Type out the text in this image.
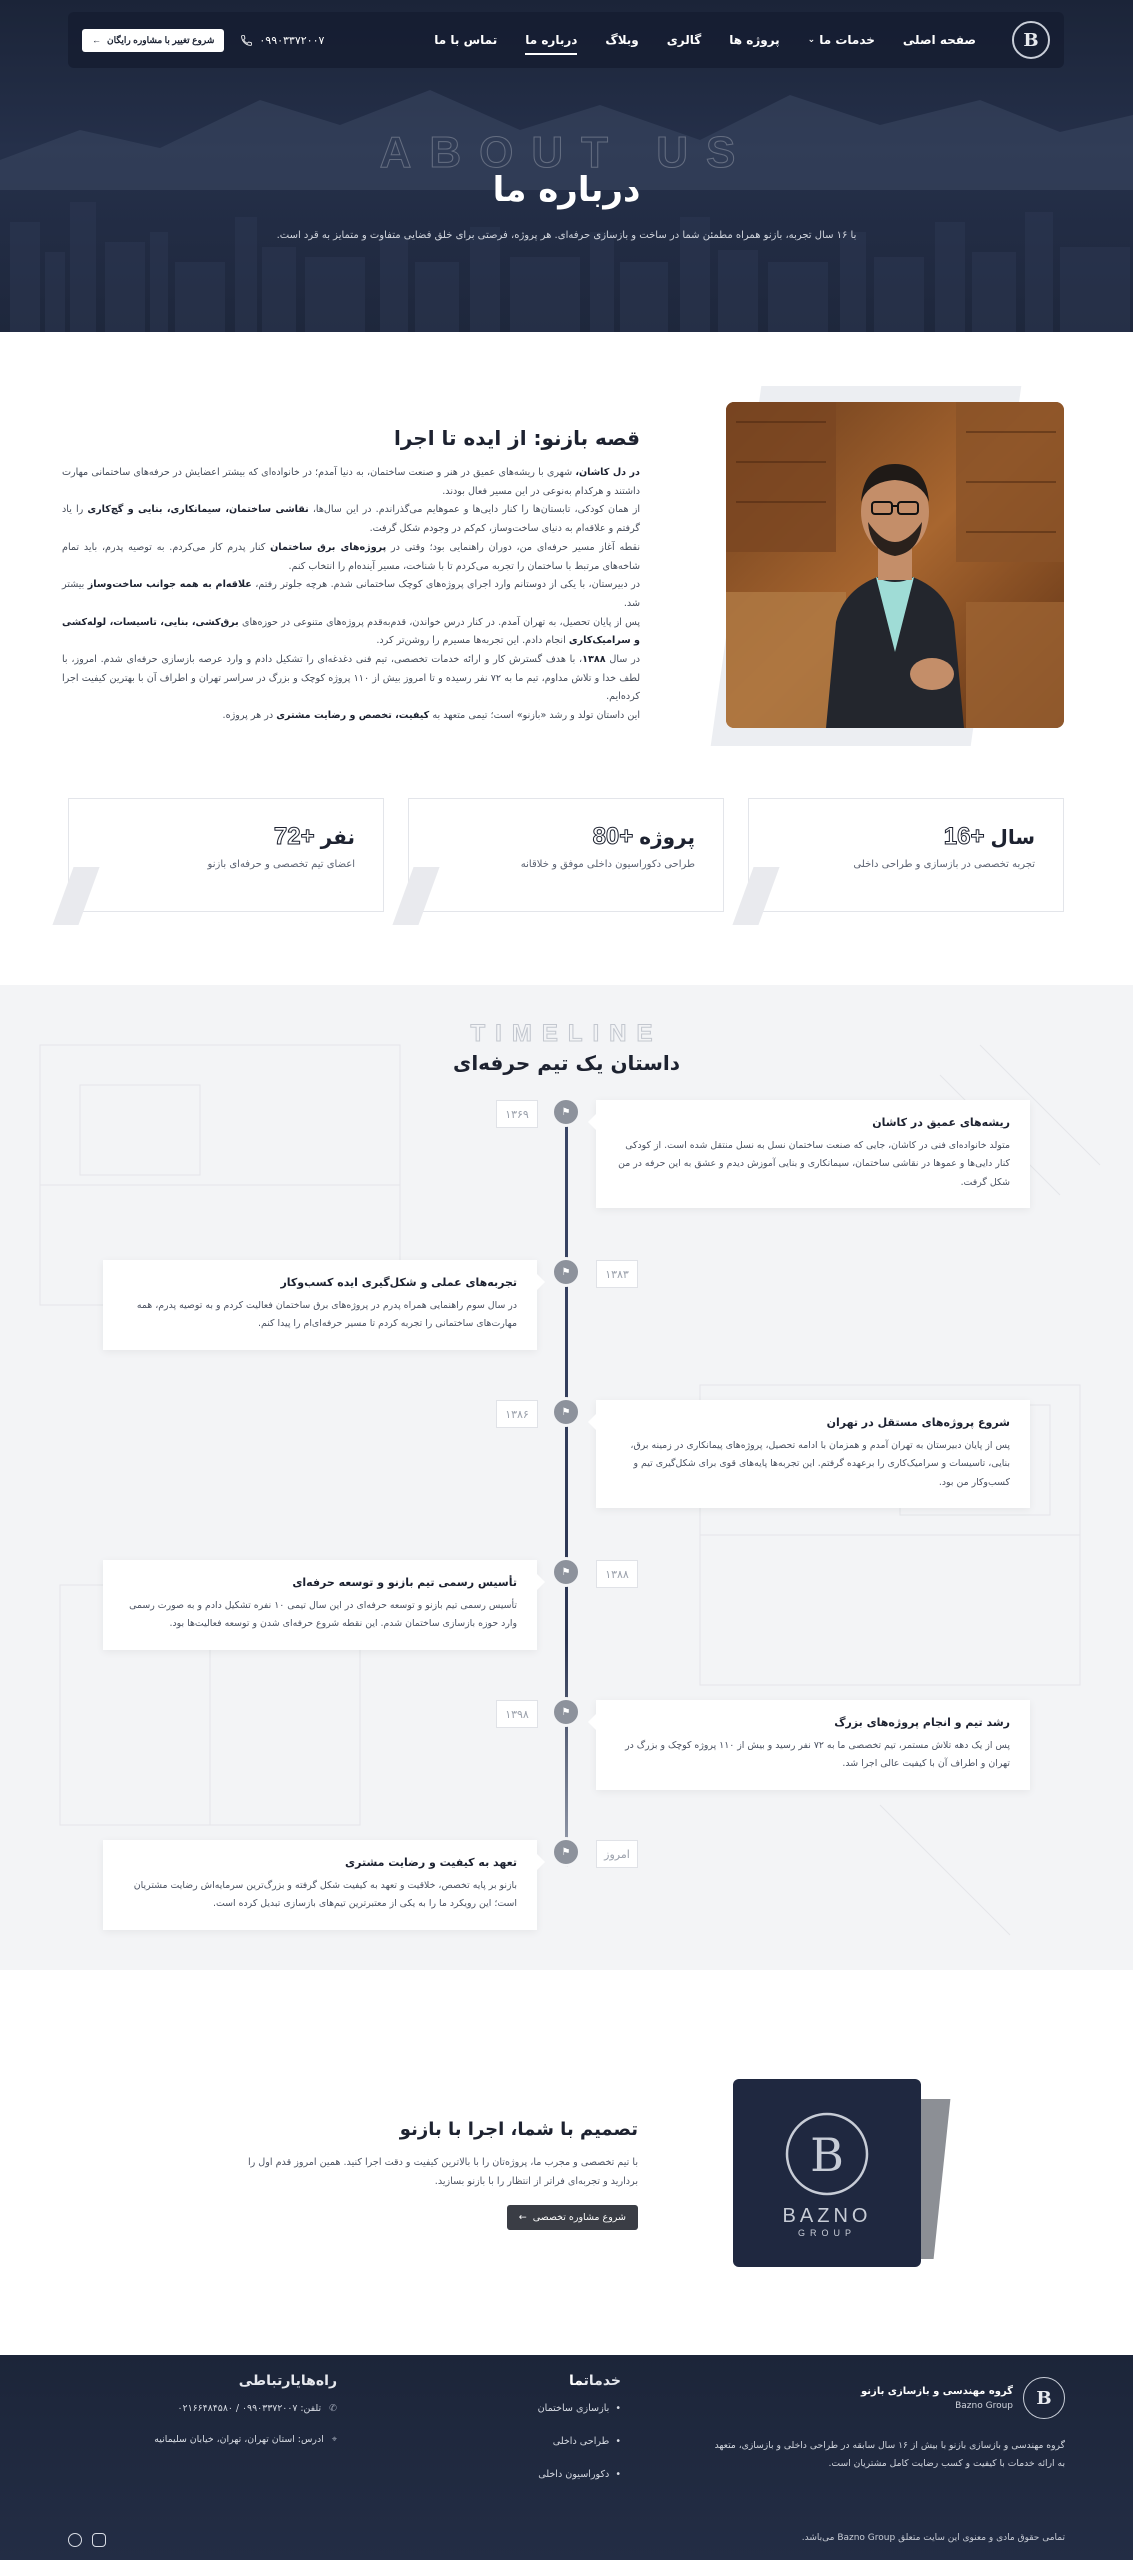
B
صفحه اصلی
خدمات ما
⌄
پروژه ها
گالری
وبلاگ
درباره ما
تماس با ما
۰۹۹۰۳۳۷۲۰۰۷
شروع تغییر با مشاوره رایگان
←
ABOUT US
درباره ما

با ۱۶ سال تجربه، بازنو همراه مطمئن شما در ساخت و بازسازی حرفه‌ای. هر پروژه، فرصتی برای خلق فضایی متفاوت و متمایز به قرد است.

قصه بازنو: از ایده تا اجرا

در دل کاشان، شهری با ریشه‌های عمیق در هنر و صنعت ساختمان، به دنیا آمدم؛ در خانواده‌ای که بیشتر اعضایش در حرفه‌های ساختمانی مهارت داشتند و هرکدام به‌نوعی در این مسیر فعال بودند.

از همان کودکی، تابستان‌ها را کنار دایی‌ها و عموهایم می‌گذراندم. در این سال‌ها، نقاشی ساختمان، سیمانکاری، بنایی و گچ‌کاری را یاد گرفتم و علاقه‌ام به دنیای ساخت‌وساز، کم‌کم در وجودم شکل گرفت.

نقطه آغاز مسیر حرفه‌ای من، دوران راهنمایی بود؛ وقتی در پروژه‌های برق ساختمان کنار پدرم کار می‌کردم. به توصیه پدرم، باید تمام شاخه‌های مرتبط با ساختمان را تجربه می‌کردم تا با شناخت، مسیر آینده‌ام را انتخاب کنم.

در دبیرستان، با یکی از دوستانم وارد اجرای پروژه‌های کوچک ساختمانی شدم. هرچه جلوتر رفتم، علاقه‌ام به همه جوانب ساخت‌وساز بیشتر شد.

پس از پایان تحصیل، به تهران آمدم. در کنار درس خواندن، قدم‌به‌قدم پروژه‌های متنوعی در حوزه‌های برق‌کشی، بنایی، تاسیسات، لوله‌کشی و سرامیک‌کاری انجام دادم. این تجربه‌ها مسیرم را روشن‌تر کرد.

در سال ۱۳۸۸، با هدف گسترش کار و ارائه خدمات تخصصی، تیم فنی دغدغه‌ای را تشکیل دادم و وارد عرصه بازسازی حرفه‌ای شدم. امروز، با لطف خدا و تلاش مداوم، تیم ما به ۷۲ نفر رسیده و تا امروز بیش از ۱۱۰ پروژه کوچک و بزرگ در سراسر تهران و اطراف آن با بهترین کیفیت اجرا کرده‌ایم.

این داستان تولد و رشد «بازنو» است؛ تیمی متعهد به کیفیت، تخصص و رضایت مشتری در هر پروژه.

سال
+16
تجربه تخصصی در بازسازی و طراحی داخلی
پروژه
+80
طراحی دکوراسیون داخلی موفق و خلاقانه
نفر
+72
اعضای تیم تخصصی و حرفه‌ای بازنو
TIMELINE
داستان یک تیم حرفه‌ای
⚑
۱۳۶۹
ریشه‌های عمیق در کاشان

متولد خانواده‌ای فنی در کاشان، جایی که صنعت ساختمان نسل به نسل منتقل شده است. از کودکی کنار دایی‌ها و عموها در نقاشی ساختمان، سیمانکاری و بنایی آموزش دیدم و عشق به این حرفه در من شکل گرفت.

⚑	۱۳۸۳
تجربه‌های عملی و شکل‌گیری ایده کسب‌وکار

در سال سوم راهنمایی همراه پدرم در پروژه‌های برق ساختمان فعالیت کردم و به توصیه پدرم، همه مهارت‌های ساختمانی را تجربه کردم تا مسیر حرفه‌ای‌ام را پیدا کنم.

⚑
۱۳۸۶
شروع پروژه‌های مستقل در تهران

پس از پایان دبیرستان به تهران آمدم و همزمان با ادامه تحصیل، پروژه‌های پیمانکاری در زمینه برق، بنایی، تاسیسات و سرامیک‌کاری را برعهده گرفتم. این تجربه‌ها پایه‌های قوی برای شکل‌گیری تیم و کسب‌وکار من بود.

⚑	۱۳۸۸
تأسیس رسمی تیم بازنو و توسعه حرفه‌ای

تأسیس رسمی تیم بازنو و توسعه حرفه‌ای در این سال تیمی ۱۰ نفره تشکیل دادم و به صورت رسمی وارد حوزه بازسازی ساختمان شدم. این نقطه شروع حرفه‌ای شدن و توسعه فعالیت‌ها بود.

⚑
۱۳۹۸
رشد تیم و انجام پروژه‌های بزرگ

پس از یک دهه تلاش مستمر، تیم تخصصی ما به ۷۲ نفر رسید و بیش از ۱۱۰ پروژه کوچک و بزرگ در تهران و اطراف آن با کیفیت عالی اجرا شد.

⚑	امروز
تعهد به کیفیت و رضایت مشتری

بازنو بر پایه تخصص، خلاقیت و تعهد به کیفیت شکل گرفته و بزرگ‌ترین سرمایه‌اش رضایت مشتریان است؛ این رویکرد ما را به یکی از معتبرترین تیم‌های بازسازی تبدیل کرده است.

B
BAZNO
GROUP
تصمیم با شما، اجرا با بازنو

با تیم تخصصی و مجرب ما، پروژه‌تان را با بالاترین کیفیت و دقت اجرا کنید. همین امروز قدم اول را بردارید و تجربه‌ای فراتر از انتظار را با بازنو بسازید.

شروع مشاوره تخصصی
←
B
گروه مهندسی و بازسازی بازنو
Bazno Group

گروه مهندسی و بازسازی بازنو با بیش از ۱۶ سال سابقه در طراحی داخلی و بازسازی، متعهد به ارائه خدمات با کیفیت و کسب رضایت کامل مشتریان است.

خدماتما
• بازسازی ساختمان
• طراحی داخلی
• دکوراسیون داخلی
راه‌هایارتباطی
✆
تلفن: ۰۹۹۰۳۳۷۲۰۰۷ / ۰۲۱۶۶۴۸۴۵۸۰
⌖
ادرس: استان تهران، تهران، خیابان سلیمانیه
تمامی حقوق مادی و معنوی این سایت متعلق Bazno Group می‌باشد.
